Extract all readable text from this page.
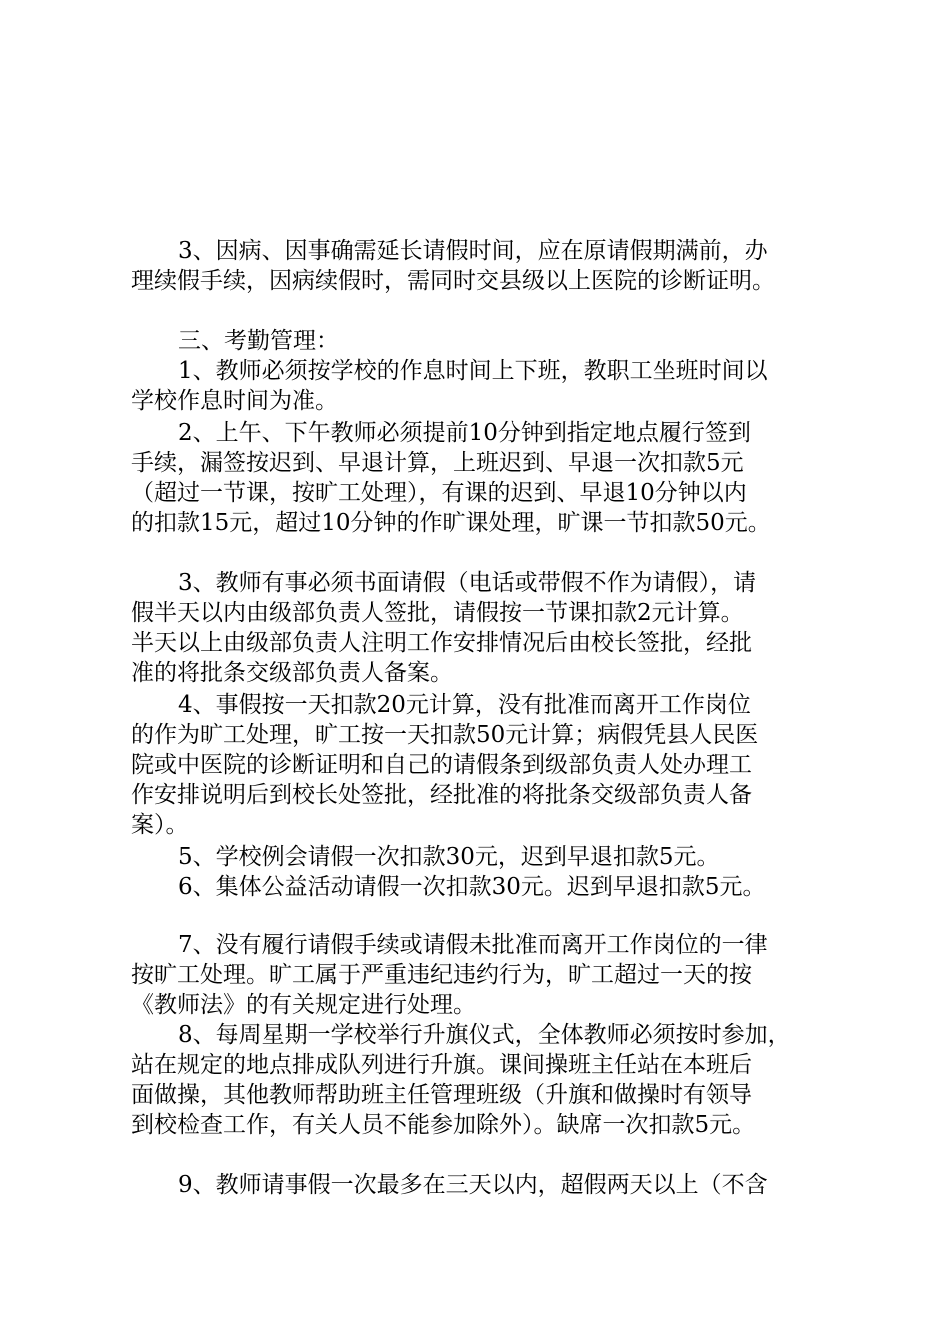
3、因病、因事确需延长请假时间，应在原请假期满前，办
理续假手续，因病续假时，需同时交县级以上医院的诊断证明。
三、考勤管理：
1、教师必须按学校的作息时间上下班，教职工坐班时间以
学校作息时间为准。
2、上午、下午教师必须提前10分钟到指定地点履行签到
手续，漏签按迟到、早退计算，上班迟到、早退一次扣款5元
（超过一节课，按旷工处理），有课的迟到、早退10分钟以内
的扣款15元，超过10分钟的作旷课处理，旷课一节扣款50元。
3、教师有事必须书面请假（电话或带假不作为请假），请
假半天以内由级部负责人签批，请假按一节课扣款2元计算。
半天以上由级部负责人注明工作安排情况后由校长签批，经批
准的将批条交级部负责人备案。
4、事假按一天扣款20元计算，没有批准而离开工作岗位
的作为旷工处理，旷工按一天扣款50元计算；病假凭县人民医
院或中医院的诊断证明和自己的请假条到级部负责人处办理工
作安排说明后到校长处签批，经批准的将批条交级部负责人备
案）。
5、学校例会请假一次扣款30元，迟到早退扣款5元。
6、集体公益活动请假一次扣款30元。迟到早退扣款5元。
7、没有履行请假手续或请假未批准而离开工作岗位的一律
按旷工处理。旷工属于严重违纪违约行为，旷工超过一天的按
《教师法》的有关规定进行处理。
8、每周星期一学校举行升旗仪式，全体教师必须按时参加，
站在规定的地点排成队列进行升旗。课间操班主任站在本班后
面做操，其他教师帮助班主任管理班级（升旗和做操时有领导
到校检查工作，有关人员不能参加除外）。缺席一次扣款5元。
9、教师请事假一次最多在三天以内，超假两天以上（不含
